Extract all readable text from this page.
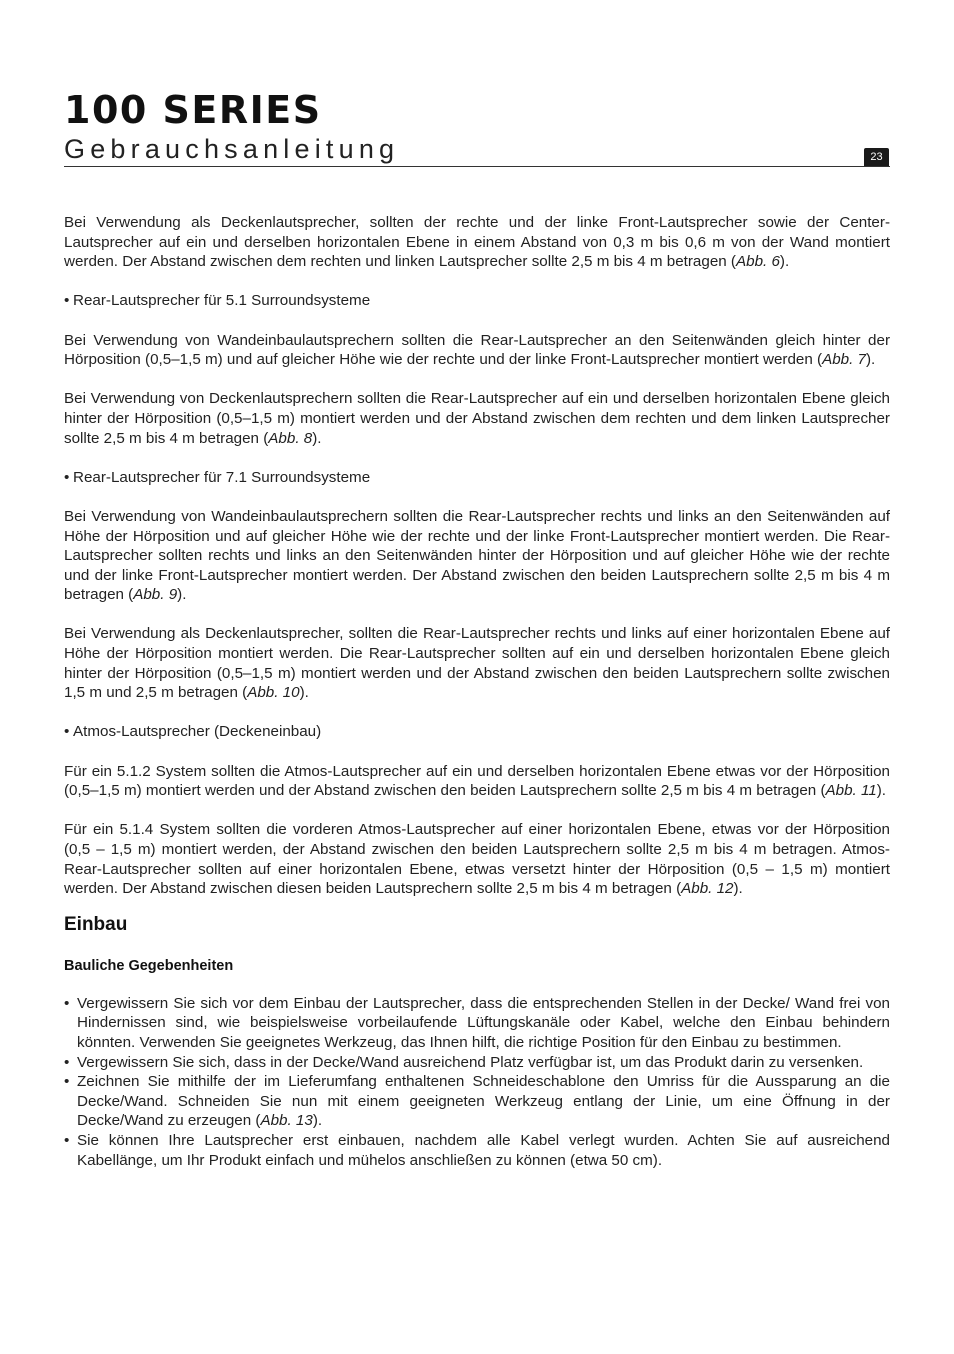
100 SERIES
Gebrauchsanleitung	23

Bei Verwendung als Deckenlautsprecher, sollten der rechte und der linke Front-Lautsprecher sowie der Center-Lautsprecher auf ein und derselben horizontalen Ebene in einem Abstand von 0,3 m bis 0,6 m von der Wand montiert werden. Der Abstand zwischen dem rechten und linken Lautsprecher sollte 2,5 m bis 4 m betragen (Abb. 6).

• Rear-Lautsprecher für 5.1 Surroundsysteme

Bei Verwendung von Wandeinbaulautsprechern sollten die Rear-Lautsprecher an den Seitenwänden gleich hinter der Hörposition (0,5–1,5 m) und auf gleicher Höhe wie der rechte und der linke Front-Lautsprecher montiert werden (Abb. 7).

Bei Verwendung von Deckenlautsprechern sollten die Rear-Lautsprecher auf ein und derselben horizontalen Ebene gleich hinter der Hörposition (0,5–1,5 m) montiert werden und der Abstand zwischen dem rechten und dem linken Lautsprecher sollte 2,5 m bis 4 m betragen (Abb. 8).

• Rear-Lautsprecher für 7.1 Surroundsysteme

Bei Verwendung von Wandeinbaulautsprechern sollten die Rear-Lautsprecher rechts und links an den Seitenwänden auf Höhe der Hörposition und auf gleicher Höhe wie der rechte und der linke Front-Lautsprecher montiert werden. Die Rear-Lautsprecher sollten rechts und links an den Seitenwänden hinter der Hörposition und auf gleicher Höhe wie der rechte und der linke Front-Lautsprecher montiert werden. Der Abstand zwischen den beiden Lautsprechern sollte 2,5 m bis 4 m betragen (Abb. 9).

Bei Verwendung als Deckenlautsprecher, sollten die Rear-Lautsprecher rechts und links auf einer horizontalen Ebene auf Höhe der Hörposition montiert werden. Die Rear-Lautsprecher sollten auf ein und derselben horizontalen Ebene gleich hinter der Hörposition (0,5–1,5 m) montiert werden und der Abstand zwischen den beiden Lautsprechern sollte zwischen 1,5 m und 2,5 m betragen (Abb. 10).

• Atmos-Lautsprecher (Deckeneinbau)

Für ein 5.1.2 System sollten die Atmos-Lautsprecher auf ein und derselben horizontalen Ebene etwas vor der Hörposition (0,5–1,5 m) montiert werden und der Abstand zwischen den beiden Lautsprechern sollte 2,5 m bis 4 m betragen (Abb. 11).

Für ein 5.1.4 System sollten die vorderen Atmos-Lautsprecher auf einer horizontalen Ebene, etwas vor der Hörposition (0,5 – 1,5 m) montiert werden, der Abstand zwischen den beiden Lautsprechern sollte 2,5 m bis 4 m betragen. Atmos-Rear-Lautsprecher sollten auf einer horizontalen Ebene, etwas versetzt hinter der Hörposition (0,5 – 1,5 m) montiert werden. Der Abstand zwischen diesen beiden Lautsprechern sollte 2,5 m bis 4 m betragen (Abb. 12).

Einbau
Bauliche Gegebenheiten
• Vergewissern Sie sich vor dem Einbau der Lautsprecher, dass die entsprechenden Stellen in der Decke/ Wand frei von Hindernissen sind, wie beispielsweise vorbeilaufende Lüftungskanäle oder Kabel, welche den Einbau behindern könnten. Verwenden Sie geeignetes Werkzeug, das Ihnen hilft, die richtige Position für den Einbau zu bestimmen.
• Vergewissern Sie sich, dass in der Decke/Wand ausreichend Platz verfügbar ist, um das Produkt darin zu versenken.
• Zeichnen Sie mithilfe der im Lieferumfang enthaltenen Schneideschablone den Umriss für die Aussparung an die Decke/Wand. Schneiden Sie nun mit einem geeigneten Werkzeug entlang der Linie, um eine Öffnung in der Decke/Wand zu erzeugen (Abb. 13).
• Sie können Ihre Lautsprecher erst einbauen, nachdem alle Kabel verlegt wurden. Achten Sie auf ausreichend Kabellänge, um Ihr Produkt einfach und mühelos anschließen zu können (etwa 50 cm).
